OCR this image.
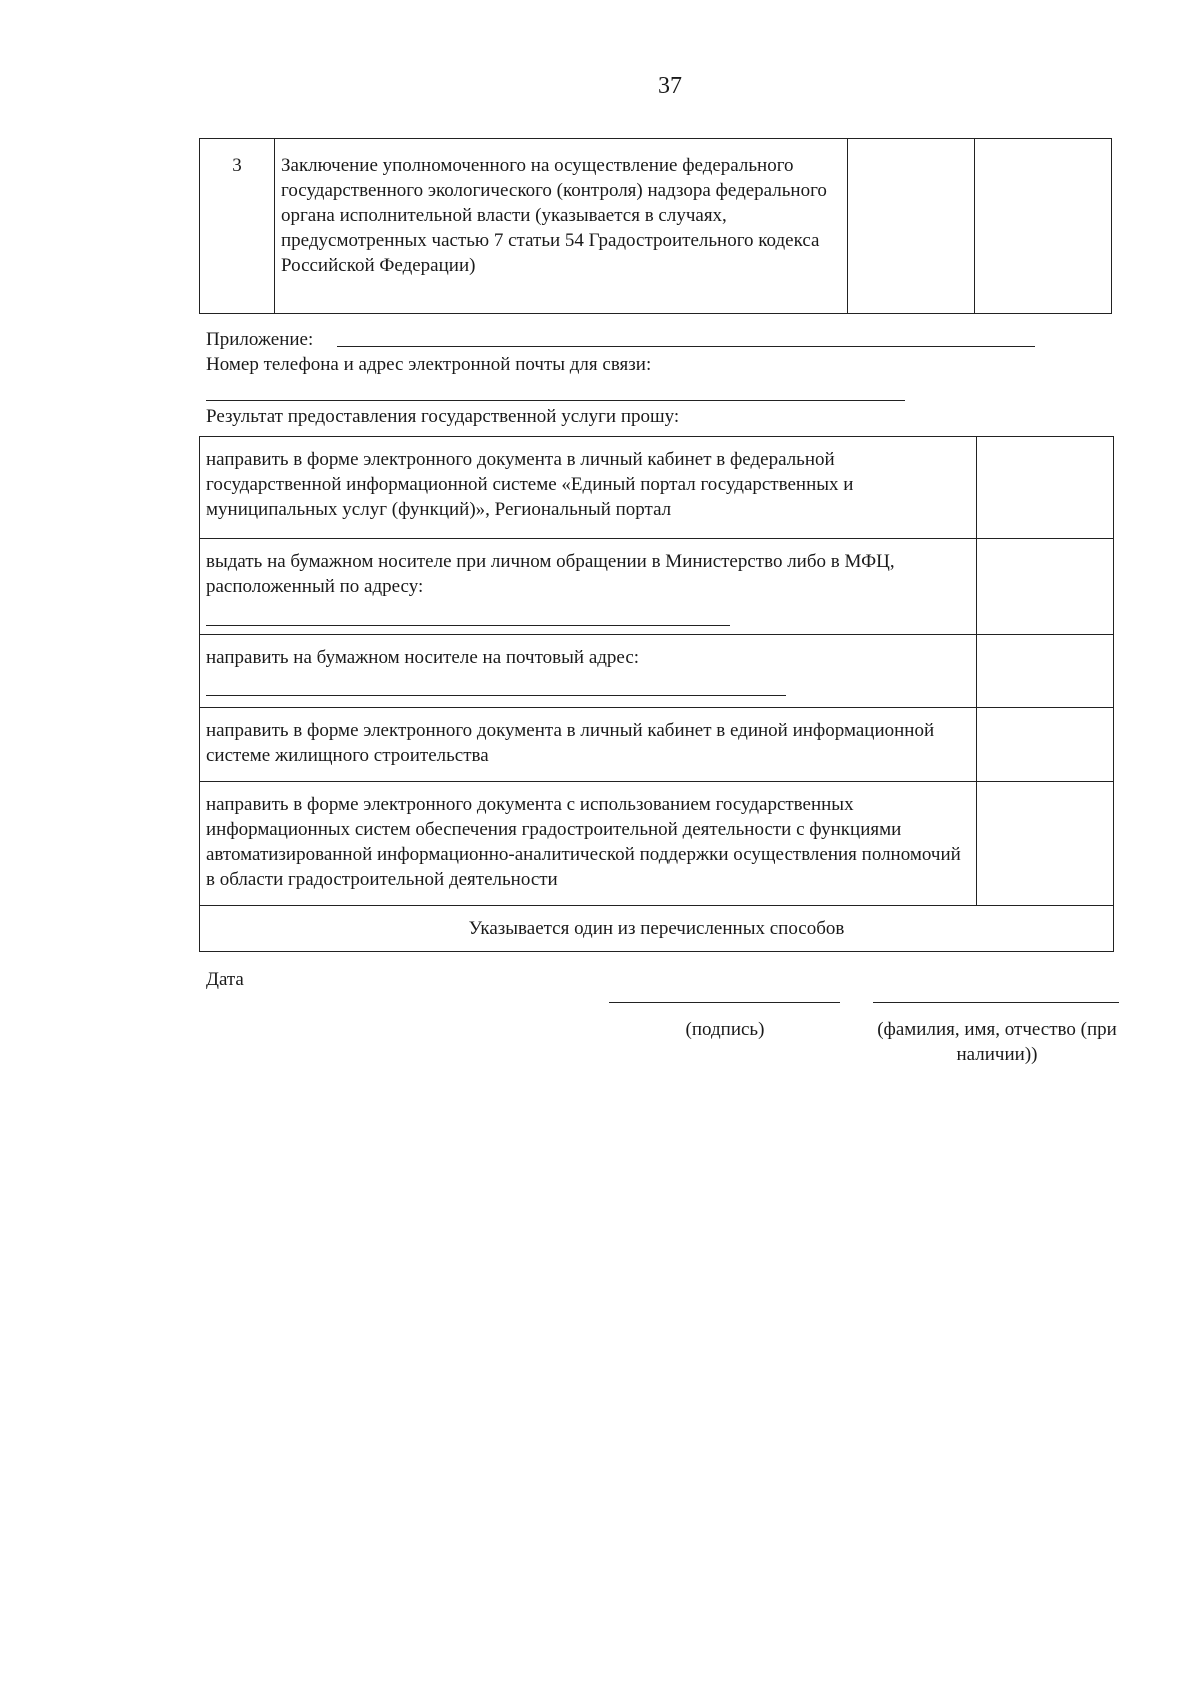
37
3	Заключение уполномоченного на осуществление федерального государственного экологического (контроля) надзора федерального органа исполнительной власти (указывается в случаях, предусмотренных частью 7 статьи 54 Градостроительного кодекса Российской Федерации)
Приложение:
Номер телефона и адрес электронной почты для связи:
Результат предоставления государственной услуги прошу:
направить в форме электронного документа в личный кабинет в федеральной государственной информационной системе «Единый портал государственных и муниципальных услуг (функций)», Региональный портал
выдать на бумажном носителе при личном обращении в Министерство либо в МФЦ, расположенный по адресу:
направить на бумажном носителе на почтовый адрес:
направить в форме электронного документа в личный кабинет в единой информационной системе жилищного строительства
направить в форме электронного документа с использованием государственных информационных систем обеспечения градостроительной деятельности с функциями автоматизированной информационно-аналитической поддержки осуществления полномочий в области градостроительной деятельности
Указывается один из перечисленных способов
Дата
(подпись)	(фамилия, имя, отчество (при наличии))
